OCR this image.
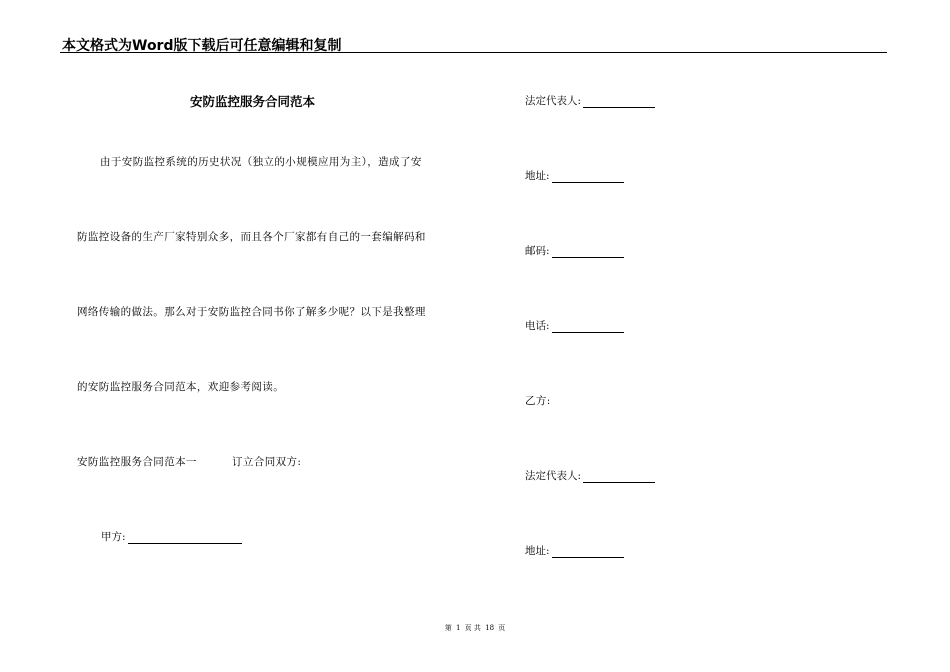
本文格式为Word版下载后可任意编辑和复制
安防监控服务合同范本
由于安防监控系统的历史状况（独立的小规模应用为主），造成了安
防监控设备的生产厂家特别众多，而且各个厂家都有自己的一套编解码和
网络传输的做法。那么对于安防监控合同书你了解多少呢？以下是我整理
的安防监控服务合同范本，欢迎参考阅读。
安防监控服务合同范本一	订立合同双方:
甲方:
法定代表人:
地址:
邮码:
电话:
乙方:
法定代表人:
地址:
第 1 页 共 18 页
